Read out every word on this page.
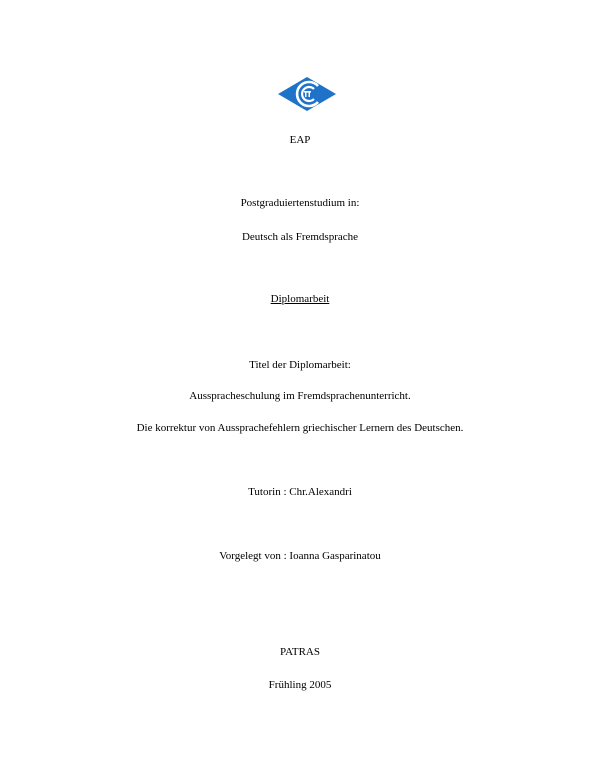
EAP
Postgraduiertenstudium in:
Deutsch als Fremdsprache
Diplomarbeit
Titel der Diplomarbeit:
Ausspracheschulung im Fremdsprachenunterricht.
Die korrektur von Aussprachefehlern griechischer Lernern des Deutschen.
Tutorin : Chr.Alexandri
Vorgelegt von : Ioanna Gasparinatou
PATRAS
Frühling 2005
